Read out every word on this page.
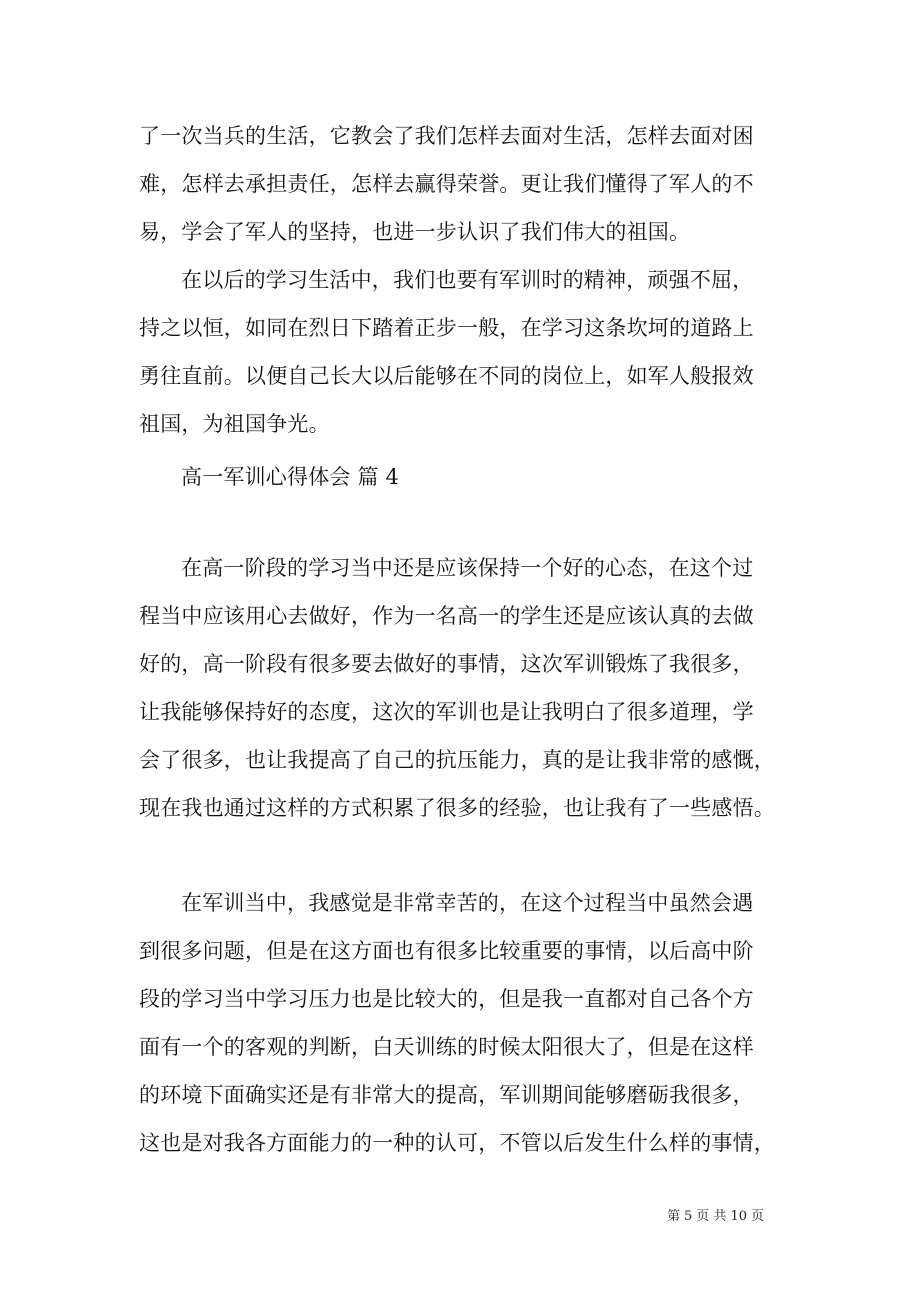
了一次当兵的生活，它教会了我们怎样去面对生活，怎样去面对困
难，怎样去承担责任，怎样去赢得荣誉。更让我们懂得了军人的不
易，学会了军人的坚持，也进一步认识了我们伟大的祖国。
在以后的学习生活中，我们也要有军训时的精神，顽强不屈，
持之以恒，如同在烈日下踏着正步一般，在学习这条坎坷的道路上
勇往直前。以便自己长大以后能够在不同的岗位上，如军人般报效
祖国，为祖国争光。
高一军训心得体会 篇 4
在高一阶段的学习当中还是应该保持一个好的心态，在这个过
程当中应该用心去做好，作为一名高一的学生还是应该认真的去做
好的，高一阶段有很多要去做好的事情，这次军训锻炼了我很多，
让我能够保持好的态度，这次的军训也是让我明白了很多道理，学
会了很多，也让我提高了自己的抗压能力，真的是让我非常的感慨，
现在我也通过这样的方式积累了很多的经验，也让我有了一些感悟。
在军训当中，我感觉是非常幸苦的，在这个过程当中虽然会遇
到很多问题，但是在这方面也有很多比较重要的事情，以后高中阶
段的学习当中学习压力也是比较大的，但是我一直都对自己各个方
面有一个的客观的判断，白天训练的时候太阳很大了，但是在这样
的环境下面确实还是有非常大的提高，军训期间能够磨砺我很多，
这也是对我各方面能力的一种的认可，不管以后发生什么样的事情，
第 5 页 共 10 页
